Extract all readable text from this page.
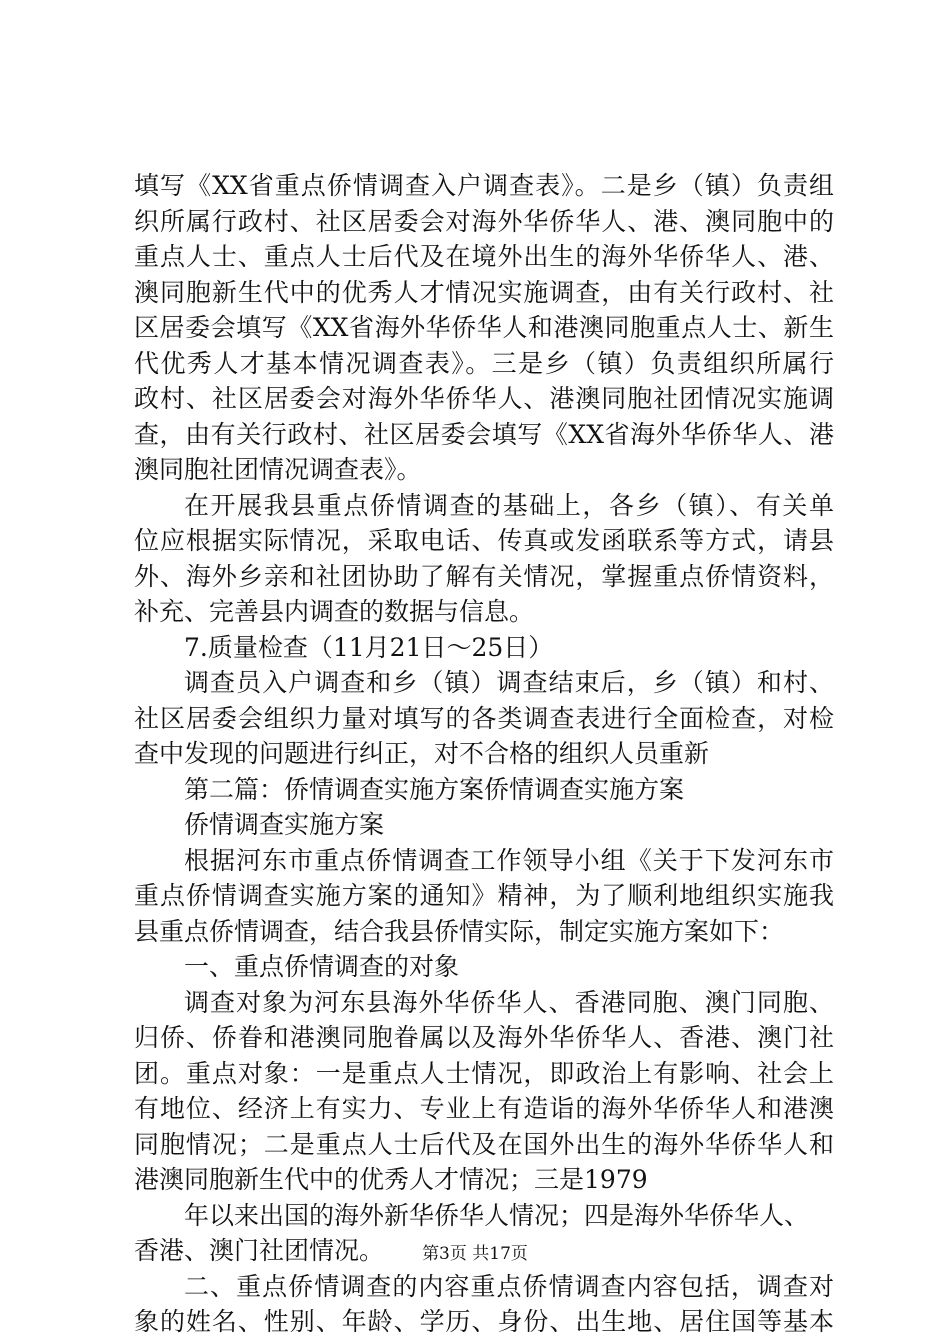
填写《XX省重点侨情调查入户调查表》。二是乡（镇）负责组
织所属行政村、社区居委会对海外华侨华人、港、澳同胞中的
重点人士、重点人士后代及在境外出生的海外华侨华人、港、
澳同胞新生代中的优秀人才情况实施调查，由有关行政村、社
区居委会填写《XX省海外华侨华人和港澳同胞重点人士、新生
代优秀人才基本情况调查表》。三是乡（镇）负责组织所属行
政村、社区居委会对海外华侨华人、港澳同胞社团情况实施调
查，由有关行政村、社区居委会填写《XX省海外华侨华人、港
澳同胞社团情况调查表》。
在开展我县重点侨情调查的基础上，各乡（镇）、有关单
位应根据实际情况，采取电话、传真或发函联系等方式，请县
外、海外乡亲和社团协助了解有关情况，掌握重点侨情资料，
补充、完善县内调查的数据与信息。
7.质量检查（11月21日～25日）
调查员入户调查和乡（镇）调查结束后，乡（镇）和村、
社区居委会组织力量对填写的各类调查表进行全面检查，对检
查中发现的问题进行纠正，对不合格的组织人员重新
第二篇：侨情调查实施方案侨情调查实施方案
侨情调查实施方案
根据河东市重点侨情调查工作领导小组《关于下发河东市
重点侨情调查实施方案的通知》精神，为了顺利地组织实施我
县重点侨情调查，结合我县侨情实际，制定实施方案如下：
一、重点侨情调查的对象
调查对象为河东县海外华侨华人、香港同胞、澳门同胞、
归侨、侨眷和港澳同胞眷属以及海外华侨华人、香港、澳门社
团。重点对象：一是重点人士情况，即政治上有影响、社会上
有地位、经济上有实力、专业上有造诣的海外华侨华人和港澳
同胞情况；二是重点人士后代及在国外出生的海外华侨华人和
港澳同胞新生代中的优秀人才情况；三是1979
年以来出国的海外新华侨华人情况；四是海外华侨华人、
香港、澳门社团情况。
二、重点侨情调查的内容重点侨情调查内容包括，调查对
象的姓名、性别、年龄、学历、身份、出生地、居住国等基本
第3页 共17页
